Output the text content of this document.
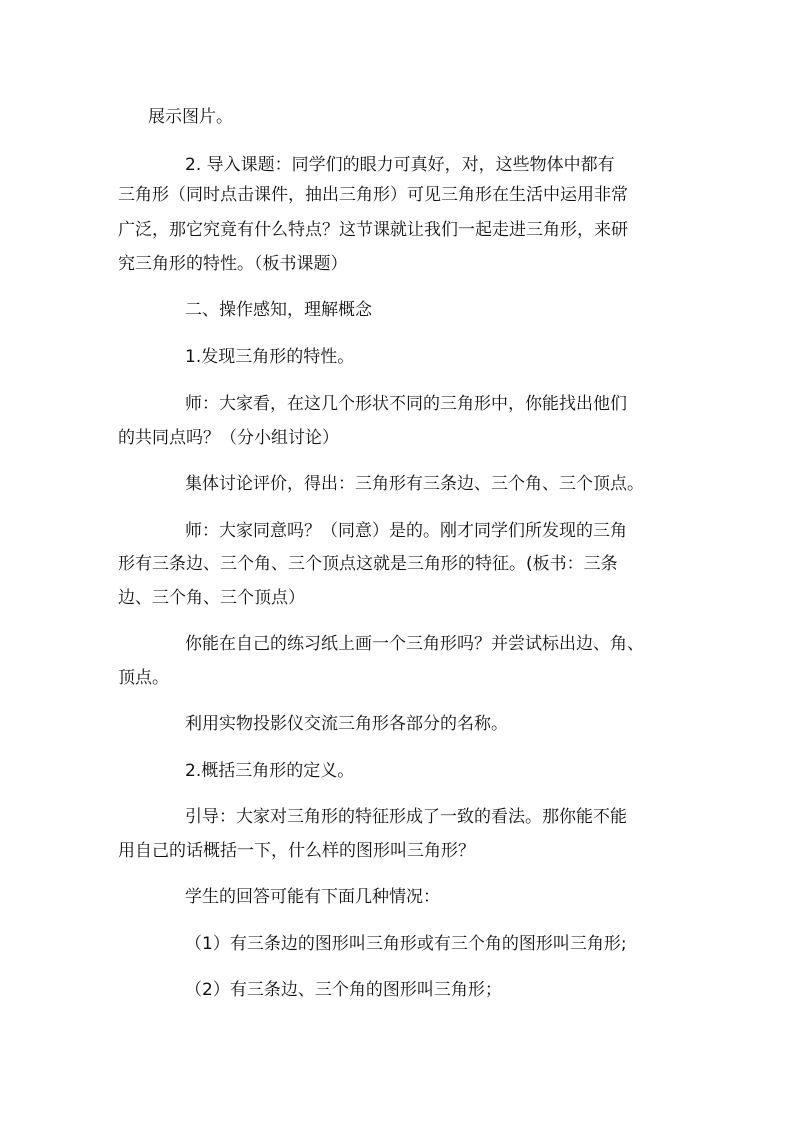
展示图片。
2. 导入课题：同学们的眼力可真好，对，这些物体中都有
三角形（同时点击课件，抽出三角形）可见三角形在生活中运用非常
广泛，那它究竟有什么特点？这节课就让我们一起走进三角形，来研
究三角形的特性。（板书课题）
二、操作感知，理解概念
1.发现三角形的特性。
师：大家看，在这几个形状不同的三角形中，你能找出他们
的共同点吗？（分小组讨论）
集体讨论评价，得出：三角形有三条边、三个角、三个顶点。
师：大家同意吗？（同意）是的。刚才同学们所发现的三角
形有三条边、三个角、三个顶点这就是三角形的特征。(板书：三条
边、三个角、三个顶点）
你能在自己的练习纸上画一个三角形吗？并尝试标出边、角、
顶点。
利用实物投影仪交流三角形各部分的名称。
2.概括三角形的定义。
引导：大家对三角形的特征形成了一致的看法。那你能不能
用自己的话概括一下，什么样的图形叫三角形？
学生的回答可能有下面几种情况：
（1）有三条边的图形叫三角形或有三个角的图形叫三角形;
（2）有三条边、三个角的图形叫三角形；
